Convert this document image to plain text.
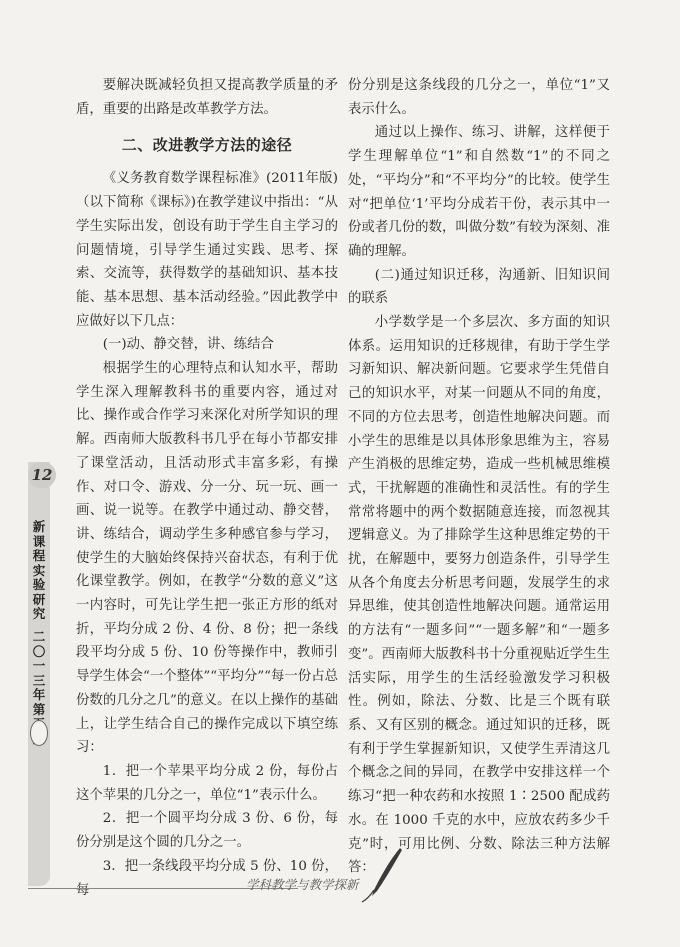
12
新课程实验研究
二〇一三年 第

要解决既减轻负担又提高教学质量的矛盾，重要的出路是改革教学方法。

二、改进教学方法的途径

《义务教育数学课程标准》(2011年版)（以下简称《课标》)在教学建议中指出：“从学生实际出发，创设有助于学生自主学习的问题情境，引导学生通过实践、思考、探索、交流等，获得数学的基础知识、基本技能、基本思想、基本活动经验。”因此教学中应做好以下几点：

(一)动、静交替，讲、练结合

根据学生的心理特点和认知水平，帮助学生深入理解教科书的重要内容，通过对比、操作或合作学习来深化对所学知识的理解。西南师大版教科书几乎在每小节都安排了课堂活动，且活动形式丰富多彩，有操作、对口令、游戏、分一分、玩一玩、画一画、说一说等。在教学中通过动、静交替，讲、练结合，调动学生多种感官参与学习，使学生的大脑始终保持兴奋状态，有利于优化课堂教学。例如，在教学“分数的意义”这一内容时，可先让学生把一张正方形的纸对折，平均分成 2 份、4 份、8 份；把一条线段平均分成 5 份、10 份等操作中，教师引导学生体会“一个整体”“平均分”“每一份占总份数的几分之几”的意义。在以上操作的基础上，让学生结合自己的操作完成以下填空练习：

1．把一个苹果平均分成 2 份，每份占这个苹果的几分之一，单位“1”表示什么。

2．把一个圆平均分成 3 份、6 份，每份分别是这个圆的几分之一。

3．把一条线段平均分成 5 份、10 份，每

份分别是这条线段的几分之一，单位“1”又表示什么。

通过以上操作、练习、讲解，这样便于学生理解单位“1”和自然数“1”的不同之处，“平均分”和“不平均分”的比较。使学生对“把单位‘1’平均分成若干份，表示其中一份或者几份的数，叫做分数”有较为深刻、准确的理解。

(二)通过知识迁移，沟通新、旧知识间的联系

小学数学是一个多层次、多方面的知识体系。运用知识的迁移规律，有助于学生学习新知识、解决新问题。它要求学生凭借自己的知识水平，对某一问题从不同的角度，不同的方位去思考，创造性地解决问题。而小学生的思维是以具体形象思维为主，容易产生消极的思维定势，造成一些机械思维模式，干扰解题的准确性和灵活性。有的学生常常将题中的两个数据随意连接，而忽视其逻辑意义。为了排除学生这种思维定势的干扰，在解题中，要努力创造条件，引导学生从各个角度去分析思考问题，发展学生的求异思维，使其创造性地解决问题。通常运用的方法有“一题多问”“一题多解”和“一题多变”。西南师大版教科书十分重视贴近学生生活实际，用学生的生活经验激发学习积极性。例如，除法、分数、比是三个既有联系、又有区别的概念。通过知识的迁移，既有利于学生掌握新知识，又使学生弄清这几个概念之间的异同，在教学中安排这样一个练习“把一种农药和水按照 1∶2500 配成药水。在 1000 千克的水中，应放农药多少千克”时，可用比例、分数、除法三种方法解答：

学科教学与教学探新
